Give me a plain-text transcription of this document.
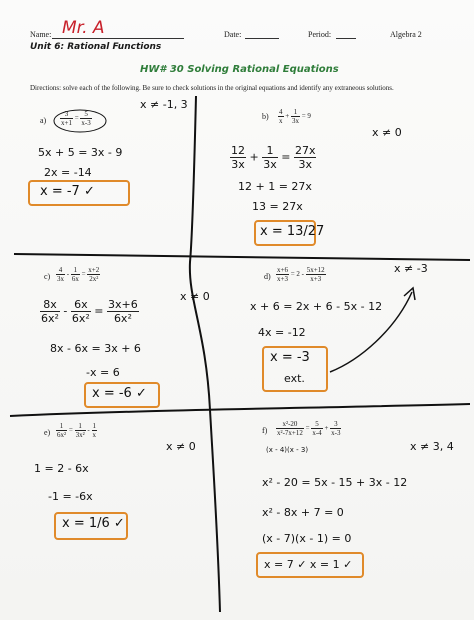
Name: Mr. A	Date:	Period:	Algebra 2
Unit 6: Rational Functions
HW# 30 Solving Rational Equations
Directions: solve each of the following. Be sure to check solutions in the original equations and identify any extraneous solutions.
$a) \frac{3}{x+1} = \frac{5}{x-3}$
x ≠ -1, 3
5x + 5 = 3x - 9
2x = -14
x = -7 ✓
$b) \frac{4}{x} + \frac{1}{3x} = 9$
x ≠ 0
$\frac{12}{3x} + \frac{1}{3x} = \frac{27x}{3x}$
12 + 1 = 27x
13 = 27x
x = 13/27
$c) \frac{4}{3x} - \frac{1}{6x} = \frac{x+2}{\text{2x²}}$
x ≠ 0
$\frac{8x}{\text{6x²}} - \frac{6x}{\text{6x²}} = \frac{3x+6}{\text{6x²}}$
8x - 6x = 3x + 6
-x = 6
x = -6 ✓
$d) \frac{x+6}{x+3} = 2 - \frac{5x+12}{x+3}$	x ≠ -3
x + 6 = 2x + 6 - 5x - 12
4x = -12
x = -3
ext.
$e) \frac{1}{\text{6x²}} = \frac{1}{\text{3x²}} - \frac{1}{x}$
x ≠ 0
1 = 2 - 6x
-1 = -6x
x = 1/6 ✓
$f) \frac{\text{x²-20}}{\text{x²-7x+12}} = \frac{5}{x-4} + \frac{3}{x-3}$
x ≠ 3, 4
(x - 4)(x - 3)
x² - 20 = 5x - 15 + 3x - 12
x² - 8x + 7 = 0
(x - 7)(x - 1) = 0
x = 7 ✓ x = 1 ✓
